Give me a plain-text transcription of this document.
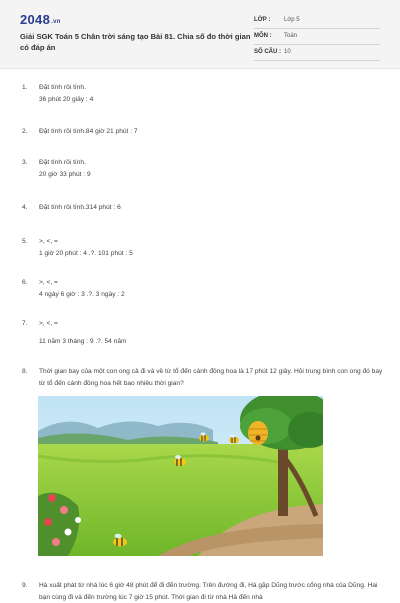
2048.vn
Giải SGK Toán 5 Chân trời sáng tạo Bài 81. Chia số đo thời gian có đáp án
LỚP : Lớp 5
MÔN : Toán
SỐ CÂU : 10
1.	Đặt tính rồi tính.
36 phút 20 giây : 4
2.	Đặt tính rồi tính.84 giờ 21 phút : 7
3.	Đặt tính rồi tính.
20 giờ 33 phút : 9
4.	Đặt tính rồi tính.314 phút : 6
5.	>, <, =
1 giờ 20 phút : 4 .?. 101 phút : 5
6.	>, <, =
4 ngày 6 giờ : 3 .?. 3 ngày : 2
7.	>, <, =
11 năm 3 tháng : 9 .?. 54 năm
8.	Thời gian bay của một con ong cả đi và về từ tổ đến cánh đồng hoa là 17 phút 12 giây. Hỏi trung bình con ong đó bay từ tổ đến cánh đồng hoa hết bao nhiêu thời gian?
9.	Hà xuất phát từ nhà lúc 6 giờ 48 phút để đi đến trường. Trên đường đi, Hà gặp Dũng trước cổng nhà của Dũng. Hai bạn cùng đi và đến trường lúc 7 giờ 15 phút. Thời gian đi từ nhà Hà đến nhà
